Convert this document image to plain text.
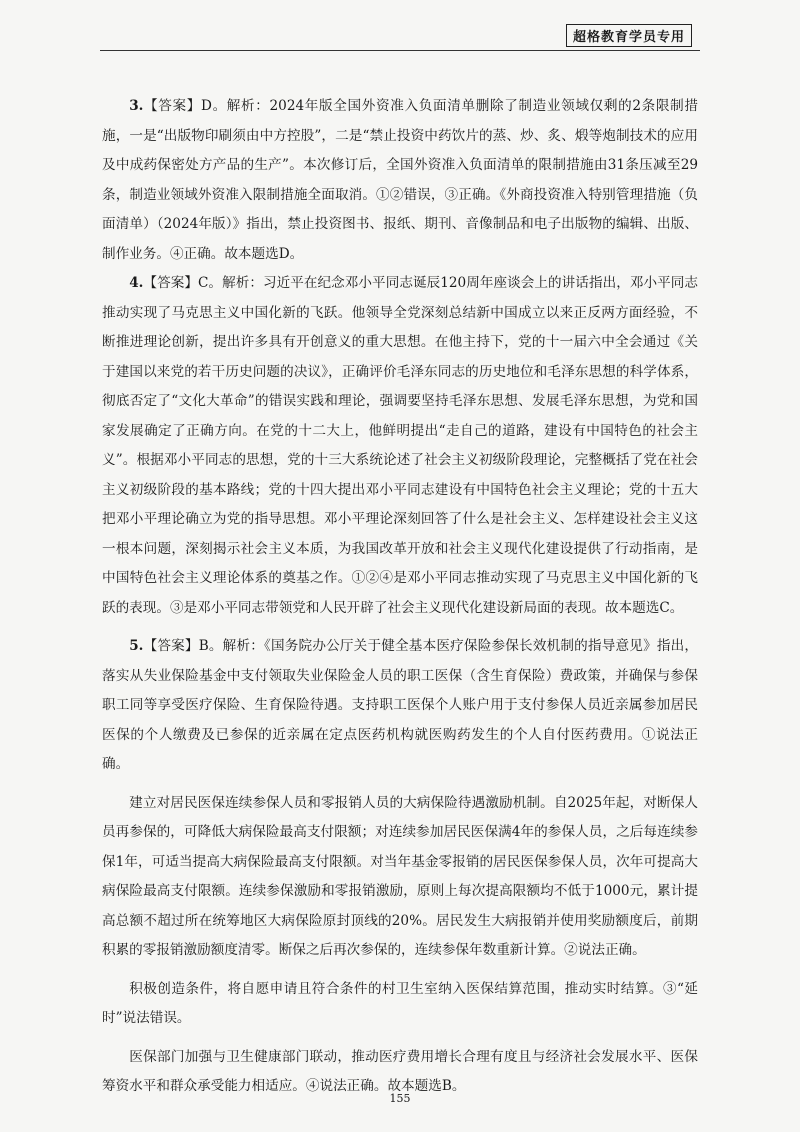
超格教育学员专用

3.【答案】D。解析：2024年版全国外资准入负面清单删除了制造业领域仅剩的2条限制措施，一是“出版物印刷须由中方控股”，二是“禁止投资中药饮片的蒸、炒、炙、煅等炮制技术的应用及中成药保密处方产品的生产”。本次修订后，全国外资准入负面清单的限制措施由31条压减至29条，制造业领域外资准入限制措施全面取消。①②错误，③正确。《外商投资准入特别管理措施（负面清单）（2024年版）》指出，禁止投资图书、报纸、期刊、音像制品和电子出版物的编辑、出版、制作业务。④正确。故本题选D。

4.【答案】C。解析：习近平在纪念邓小平同志诞辰120周年座谈会上的讲话指出，邓小平同志推动实现了马克思主义中国化新的飞跃。他领导全党深刻总结新中国成立以来正反两方面经验，不断推进理论创新，提出许多具有开创意义的重大思想。在他主持下，党的十一届六中全会通过《关于建国以来党的若干历史问题的决议》，正确评价毛泽东同志的历史地位和毛泽东思想的科学体系，彻底否定了“文化大革命”的错误实践和理论，强调要坚持毛泽东思想、发展毛泽东思想，为党和国家发展确定了正确方向。在党的十二大上，他鲜明提出“走自己的道路，建设有中国特色的社会主义”。根据邓小平同志的思想，党的十三大系统论述了社会主义初级阶段理论，完整概括了党在社会主义初级阶段的基本路线；党的十四大提出邓小平同志建设有中国特色社会主义理论；党的十五大把邓小平理论确立为党的指导思想。邓小平理论深刻回答了什么是社会主义、怎样建设社会主义这一根本问题，深刻揭示社会主义本质，为我国改革开放和社会主义现代化建设提供了行动指南，是中国特色社会主义理论体系的奠基之作。①②④是邓小平同志推动实现了马克思主义中国化新的飞跃的表现。③是邓小平同志带领党和人民开辟了社会主义现代化建设新局面的表现。故本题选C。

5.【答案】B。解析：《国务院办公厅关于健全基本医疗保险参保长效机制的指导意见》指出，落实从失业保险基金中支付领取失业保险金人员的职工医保（含生育保险）费政策，并确保与参保职工同等享受医疗保险、生育保险待遇。支持职工医保个人账户用于支付参保人员近亲属参加居民医保的个人缴费及已参保的近亲属在定点医药机构就医购药发生的个人自付医药费用。①说法正确。

建立对居民医保连续参保人员和零报销人员的大病保险待遇激励机制。自2025年起，对断保人员再参保的，可降低大病保险最高支付限额；对连续参加居民医保满4年的参保人员，之后每连续参保1年，可适当提高大病保险最高支付限额。对当年基金零报销的居民医保参保人员，次年可提高大病保险最高支付限额。连续参保激励和零报销激励，原则上每次提高限额均不低于1000元，累计提高总额不超过所在统筹地区大病保险原封顶线的20%。居民发生大病报销并使用奖励额度后，前期积累的零报销激励额度清零。断保之后再次参保的，连续参保年数重新计算。②说法正确。

积极创造条件，将自愿申请且符合条件的村卫生室纳入医保结算范围，推动实时结算。③“延时”说法错误。

医保部门加强与卫生健康部门联动，推动医疗费用增长合理有度且与经济社会发展水平、医保筹资水平和群众承受能力相适应。④说法正确。故本题选B。

155
